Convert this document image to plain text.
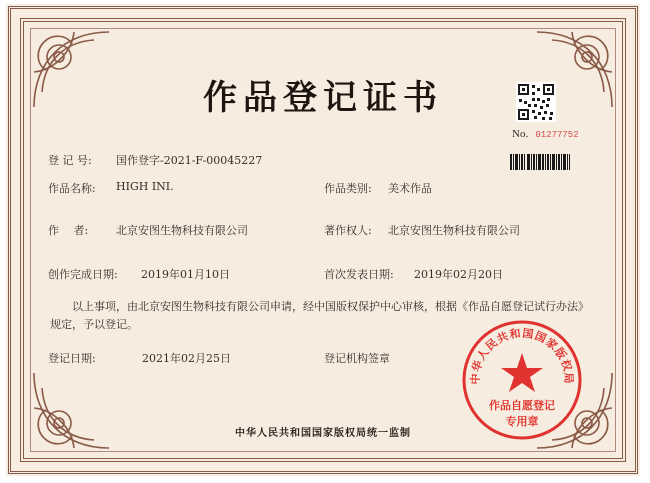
作品登记证书
No. 01277752
登 记 号: 国作登字-2021-F-00045227
作品名称: HIGH INI.	作品类别: 美术作品
作　 者:	北京安图生物科技有限公司	著作权人: 北京安图生物科技有限公司
创作完成日期: 2019年01月10日	首次发表日期: 2019年02月20日
以上事项，由北京安图生物科技有限公司申请，经中国版权保护中心审核，根据《作品自愿登记试行办法》规定，予以登记。
登记日期:	2021年02月25日	登记机构签章
中华人民共和国国家版权局
作品自愿登记
专用章
中华人民共和国国家版权局统一监制
